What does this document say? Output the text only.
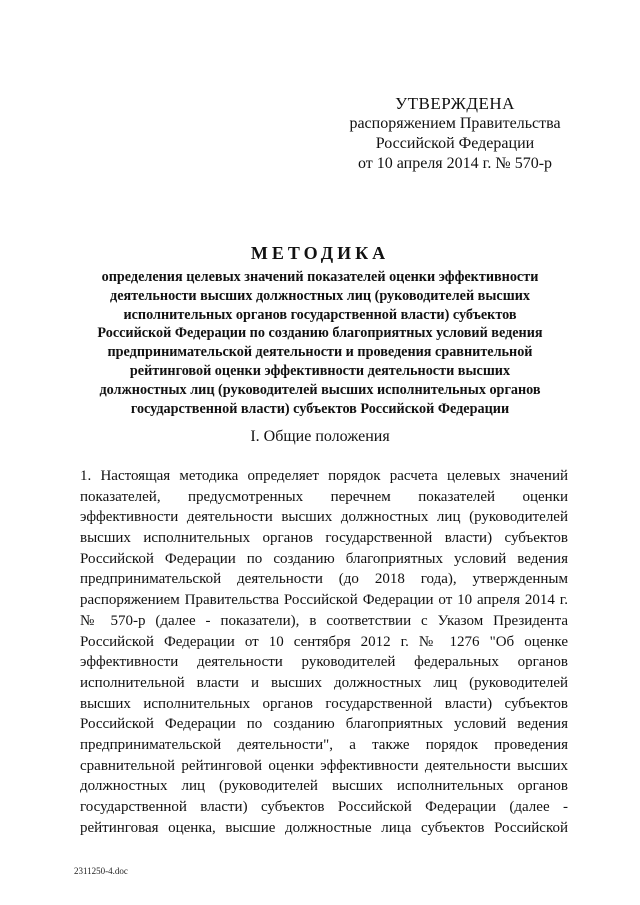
УТВЕРЖДЕНА
распоряжением Правительства
Российской Федерации
от 10 апреля 2014 г. № 570-р
МЕТОДИКА
определения целевых значений показателей оценки эффективности
деятельности высших должностных лиц (руководителей высших
исполнительных органов государственной власти) субъектов
Российской Федерации по созданию благоприятных условий ведения
предпринимательской деятельности и проведения сравнительной
рейтинговой оценки эффективности деятельности высших
должностных лиц (руководителей высших исполнительных органов
государственной власти) субъектов Российской Федерации
I. Общие положения
1. Настоящая методика определяет порядок расчета целевых значений
показателей, предусмотренных перечнем показателей оценки
эффективности деятельности высших должностных лиц (руководителей
высших исполнительных органов государственной власти) субъектов
Российской Федерации по созданию благоприятных условий ведения
предпринимательской деятельности (до 2018 года), утвержденным
распоряжением Правительства Российской Федерации от 10 апреля 2014 г.
№ 570-р (далее - показатели), в соответствии с Указом Президента
Российской Федерации от 10 сентября 2012 г. № 1276 "Об оценке
эффективности деятельности руководителей федеральных органов
исполнительной власти и высших должностных лиц (руководителей
высших исполнительных органов государственной власти) субъектов
Российской Федерации по созданию благоприятных условий ведения
предпринимательской деятельности", а также порядок проведения
сравнительной рейтинговой оценки эффективности деятельности высших
должностных лиц (руководителей высших исполнительных органов
государственной власти) субъектов Российской Федерации (далее -
рейтинговая оценка, высшие должностные лица субъектов Российской
2311250-4.doc
